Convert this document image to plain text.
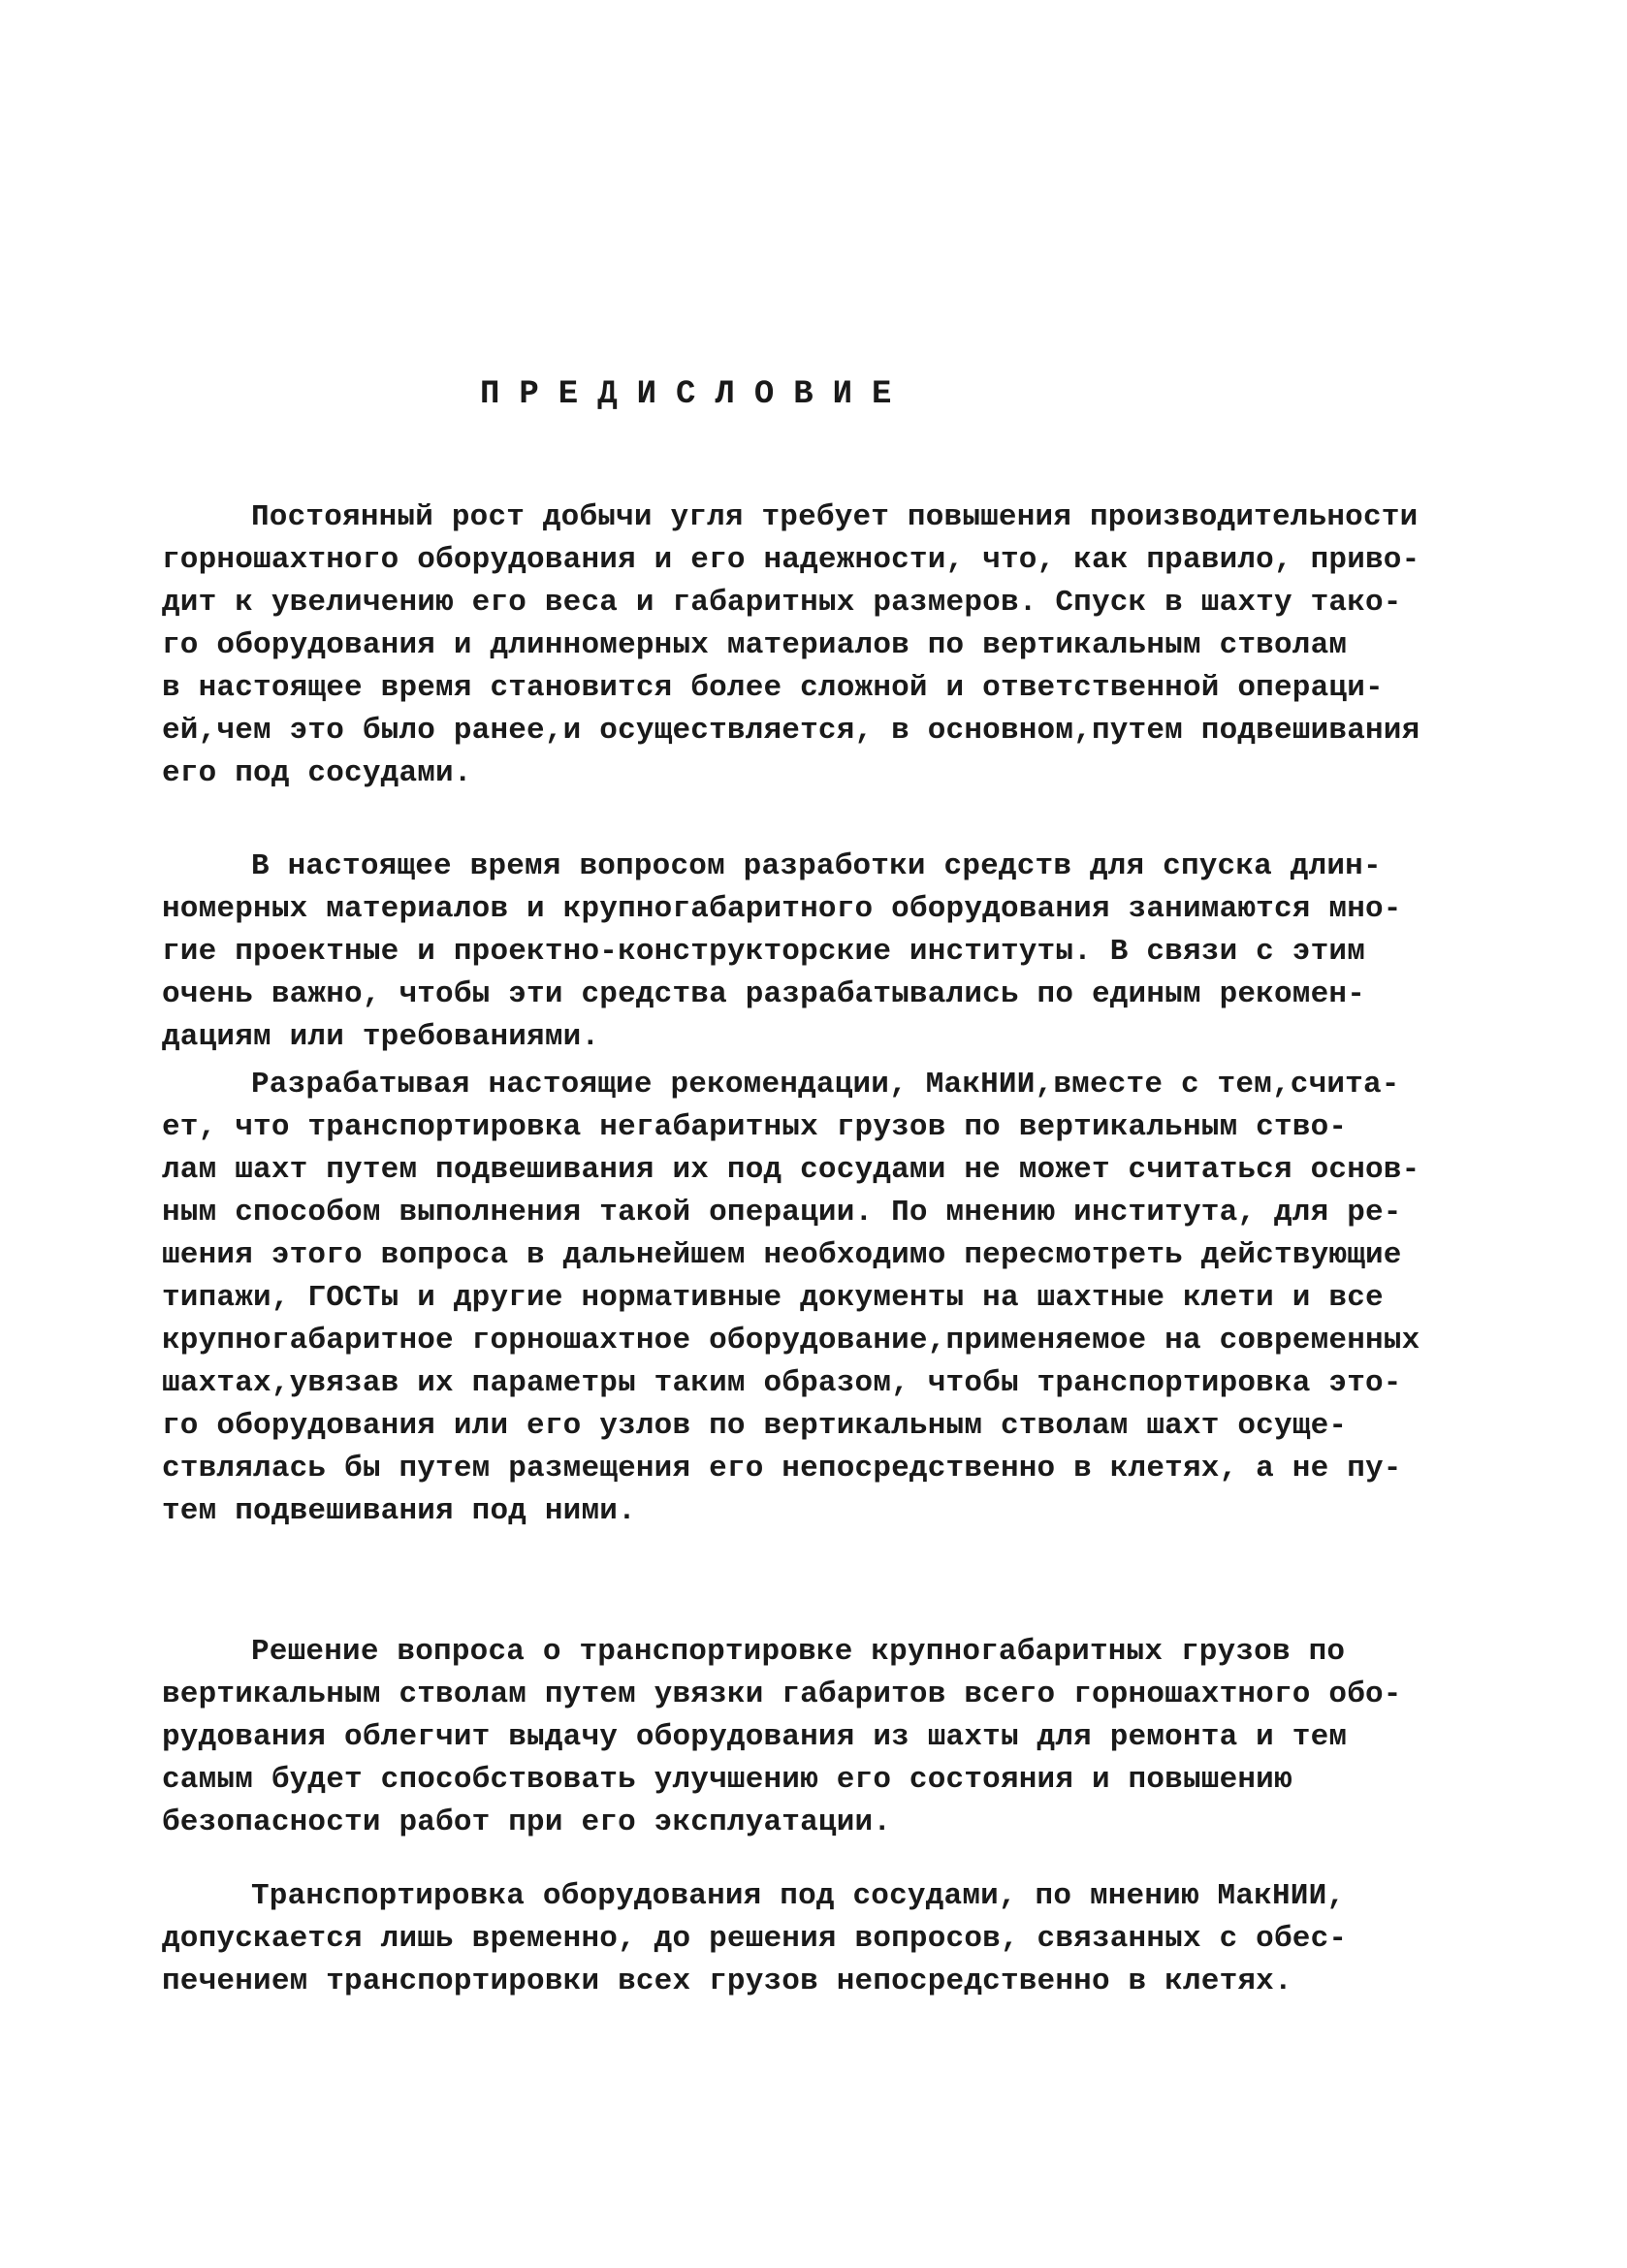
ПРЕДИСЛОВИЕ
Постоянный рост добычи угля требует повышения производительности
горношахтного оборудования и его надежности, что, как правило, приво-
дит к увеличению его веса и габаритных размеров. Спуск в шахту тако-
го оборудования и длинномерных материалов по вертикальным стволам
в настоящее время становится более сложной и ответственной операци-
ей,чем это было ранее,и осуществляется, в основном,путем подвешивания
его под сосудами.
В настоящее время вопросом разработки средств для спуска длин-
номерных материалов и крупногабаритного оборудования занимаются мно-
гие проектные и проектно-конструкторские институты. В связи с этим
очень важно, чтобы эти средства разрабатывались по единым рекомен-
дациям или требованиями.
Разрабатывая настоящие рекомендации, МакНИИ,вместе с тем,счита-
ет, что транспортировка негабаритных грузов по вертикальным ство-
лам шахт путем подвешивания их под сосудами не может считаться основ-
ным способом выполнения такой операции. По мнению института, для ре-
шения этого вопроса в дальнейшем необходимо пересмотреть действующие
типажи, ГОСТы и другие нормативные документы на шахтные клети и все
крупногабаритное горношахтное оборудование,применяемое на современных
шахтах,увязав их параметры таким образом, чтобы транспортировка это-
го оборудования или его узлов по вертикальным стволам шахт осуще-
ствлялась бы путем размещения его непосредственно в клетях, а не пу-
тем подвешивания под ними.
Решение вопроса о транспортировке крупногабаритных грузов по
вертикальным стволам путем увязки габаритов всего горношахтного обо-
рудования облегчит выдачу оборудования из шахты для ремонта и тем
самым будет способствовать улучшению его состояния и повышению
безопасности работ при его эксплуатации.
Транспортировка оборудования под сосудами, по мнению МакНИИ,
допускается лишь временно, до решения вопросов, связанных с обес-
печением транспортировки всех грузов непосредственно в клетях.
